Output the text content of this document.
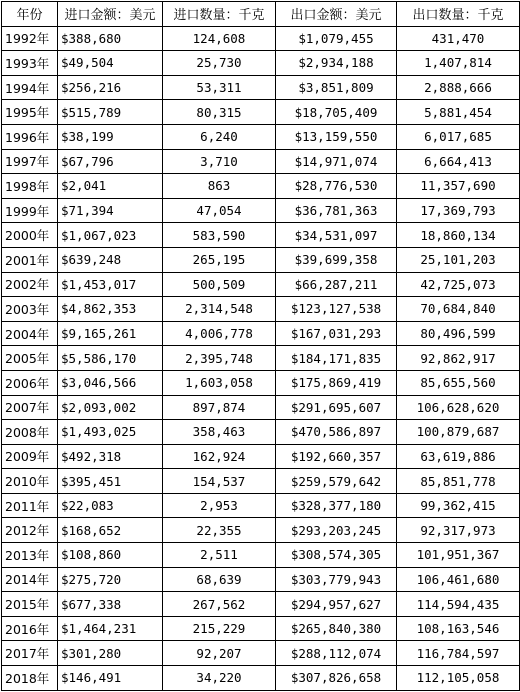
年份	进口金额：美元	进口数量：千克	出口金额：美元	出口数量：千克
1992年	$388,680	124,608	$1,079,455	431,470
1993年	$49,504	25,730	$2,934,188	1,407,814
1994年	$256,216	53,311	$3,851,809	2,888,666
1995年	$515,789	80,315	$18,705,409	5,881,454
1996年	$38,199	6,240	$13,159,550	6,017,685
1997年	$67,796	3,710	$14,971,074	6,664,413
1998年	$2,041	863	$28,776,530	11,357,690
1999年	$71,394	47,054	$36,781,363	17,369,793
2000年	$1,067,023	583,590	$34,531,097	18,860,134
2001年	$639,248	265,195	$39,699,358	25,101,203
2002年	$1,453,017	500,509	$66,287,211	42,725,073
2003年	$4,862,353	2,314,548	$123,127,538	70,684,840
2004年	$9,165,261	4,006,778	$167,031,293	80,496,599
2005年	$5,586,170	2,395,748	$184,171,835	92,862,917
2006年	$3,046,566	1,603,058	$175,869,419	85,655,560
2007年	$2,093,002	897,874	$291,695,607	106,628,620
2008年	$1,493,025	358,463	$470,586,897	100,879,687
2009年	$492,318	162,924	$192,660,357	63,619,886
2010年	$395,451	154,537	$259,579,642	85,851,778
2011年	$22,083	2,953	$328,377,180	99,362,415
2012年	$168,652	22,355	$293,203,245	92,317,973
2013年	$108,860	2,511	$308,574,305	101,951,367
2014年	$275,720	68,639	$303,779,943	106,461,680
2015年	$677,338	267,562	$294,957,627	114,594,435
2016年	$1,464,231	215,229	$265,840,380	108,163,546
2017年	$301,280	92,207	$288,112,074	116,784,597
2018年	$146,491	34,220	$307,826,658	112,105,058
